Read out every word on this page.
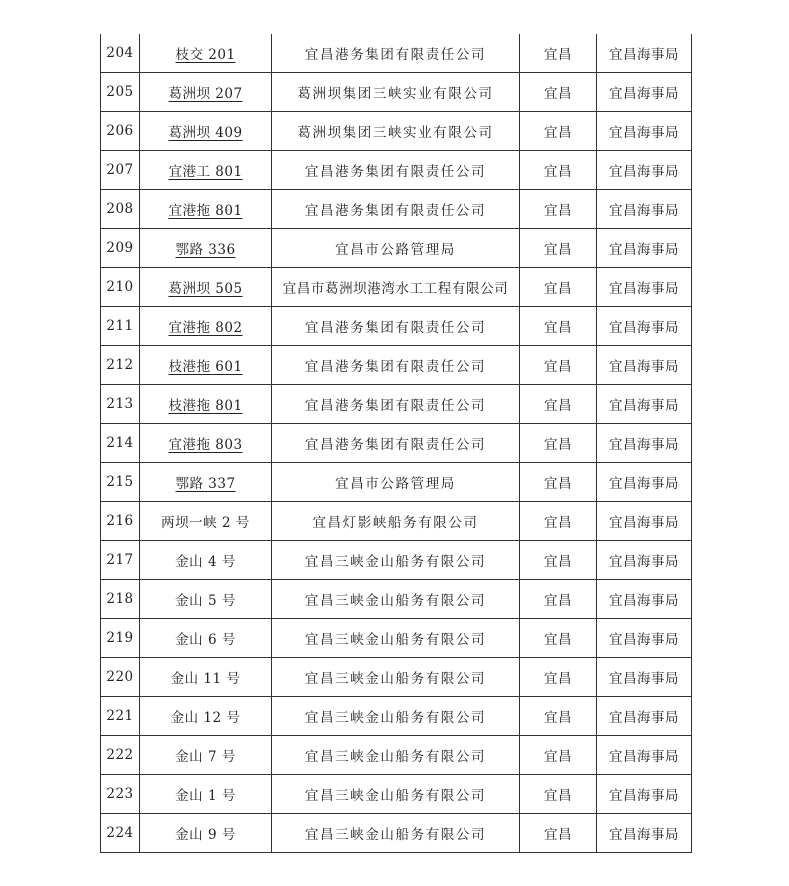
204	枝交 201	宜昌港务集团有限责任公司	宜昌	宜昌海事局
205	葛洲坝 207	葛洲坝集团三峡实业有限公司	宜昌	宜昌海事局
206	葛洲坝 409	葛洲坝集团三峡实业有限公司	宜昌	宜昌海事局
207	宜港工 801	宜昌港务集团有限责任公司	宜昌	宜昌海事局
208	宜港拖 801	宜昌港务集团有限责任公司	宜昌	宜昌海事局
209	鄂路 336	宜昌市公路管理局	宜昌	宜昌海事局
210	葛洲坝 505	宜昌市葛洲坝港湾水工工程有限公司	宜昌	宜昌海事局
211	宜港拖 802	宜昌港务集团有限责任公司	宜昌	宜昌海事局
212	枝港拖 601	宜昌港务集团有限责任公司	宜昌	宜昌海事局
213	枝港拖 801	宜昌港务集团有限责任公司	宜昌	宜昌海事局
214	宜港拖 803	宜昌港务集团有限责任公司	宜昌	宜昌海事局
215	鄂路 337	宜昌市公路管理局	宜昌	宜昌海事局
216	两坝一峡 2 号	宜昌灯影峡船务有限公司	宜昌	宜昌海事局
217	金山 4 号	宜昌三峡金山船务有限公司	宜昌	宜昌海事局
218	金山 5 号	宜昌三峡金山船务有限公司	宜昌	宜昌海事局
219	金山 6 号	宜昌三峡金山船务有限公司	宜昌	宜昌海事局
220	金山 11 号	宜昌三峡金山船务有限公司	宜昌	宜昌海事局
221	金山 12 号	宜昌三峡金山船务有限公司	宜昌	宜昌海事局
222	金山 7 号	宜昌三峡金山船务有限公司	宜昌	宜昌海事局
223	金山 1 号	宜昌三峡金山船务有限公司	宜昌	宜昌海事局
224	金山 9 号	宜昌三峡金山船务有限公司	宜昌	宜昌海事局
